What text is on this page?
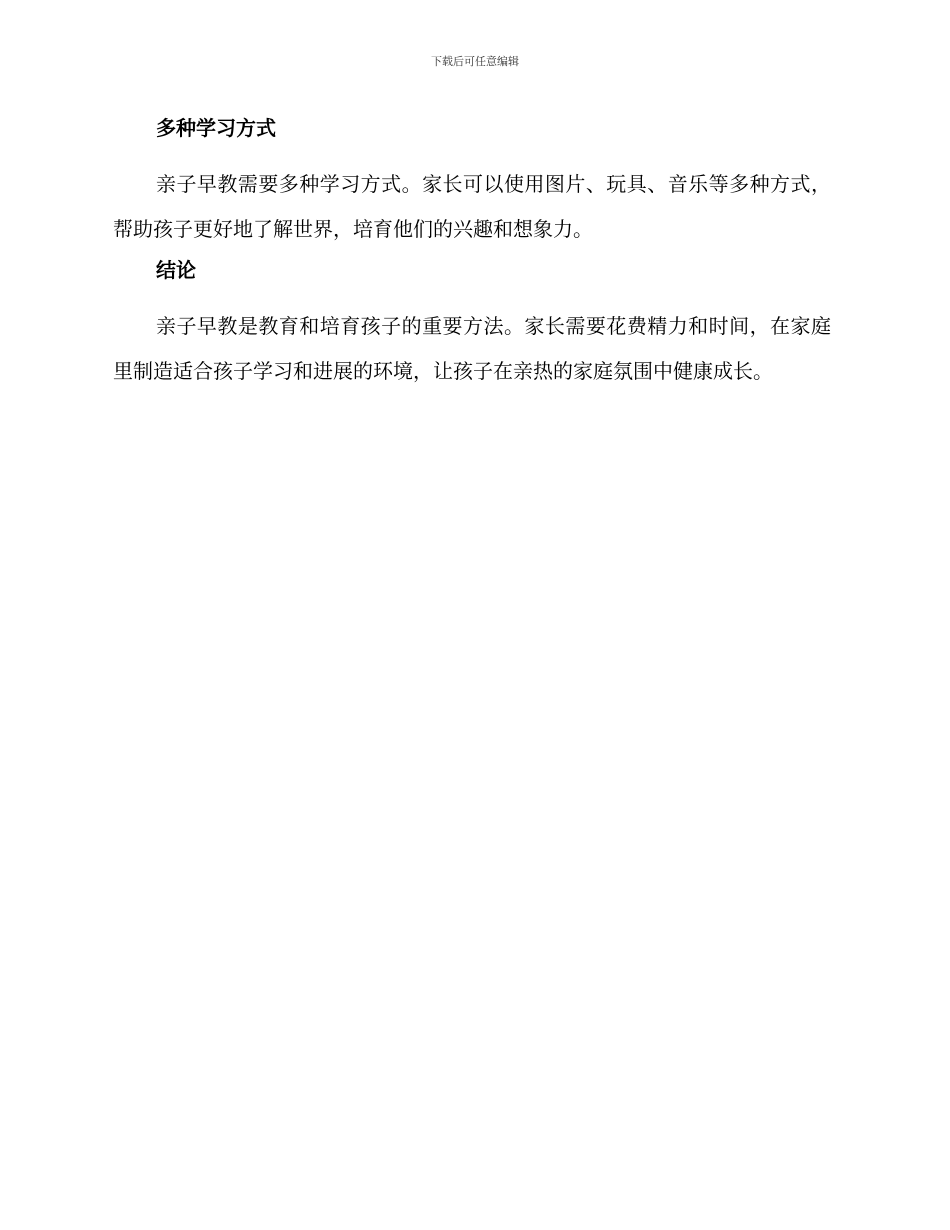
下载后可任意编辑
多种学习方式

亲子早教需要多种学习方式。家长可以使用图片、玩具、音乐等多种方式，帮助孩子更好地了解世界，培育他们的兴趣和想象力。

结论

亲子早教是教育和培育孩子的重要方法。家长需要花费精力和时间，在家庭里制造适合孩子学习和进展的环境，让孩子在亲热的家庭氛围中健康成长。
